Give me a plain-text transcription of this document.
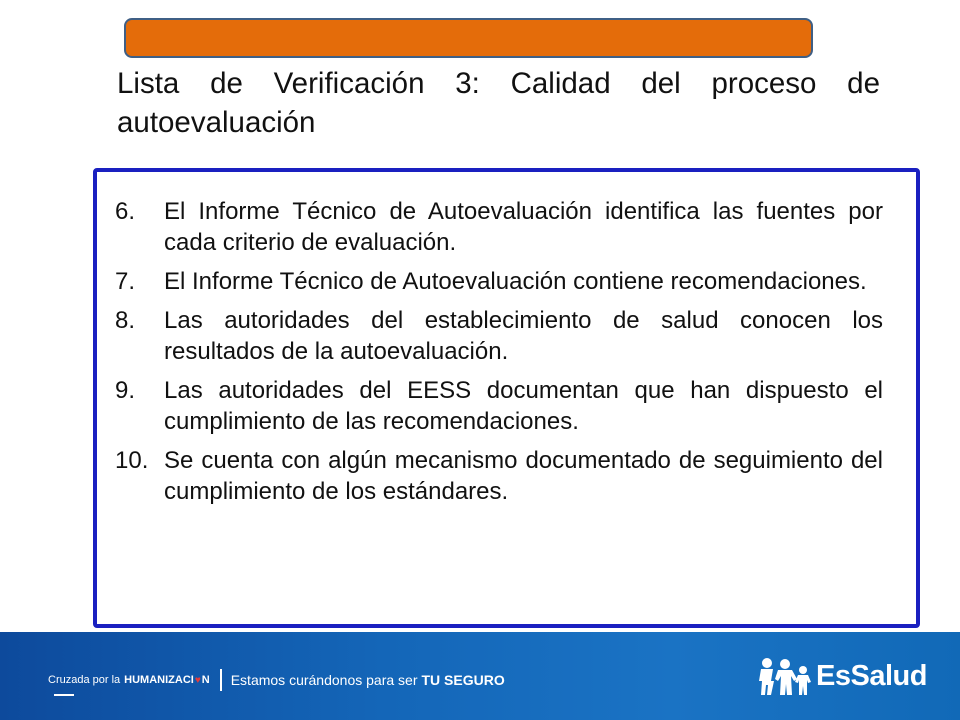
Lista de Verificación 3: Calidad del proceso de autoevaluación
6. El Informe Técnico de Autoevaluación identifica las fuentes por cada criterio de evaluación.
7. El Informe Técnico de Autoevaluación contiene recomendaciones.
8. Las autoridades del establecimiento de salud conocen los resultados de la autoevaluación.
9. Las autoridades del EESS documentan que han dispuesto el cumplimiento de las recomendaciones.
10. Se cuenta con algún mecanismo documentado de seguimiento del cumplimiento de los estándares.
Cruzada por la HUMANIZACI♥N Estamos curándonos para ser TU SEGURO	EsSalud
